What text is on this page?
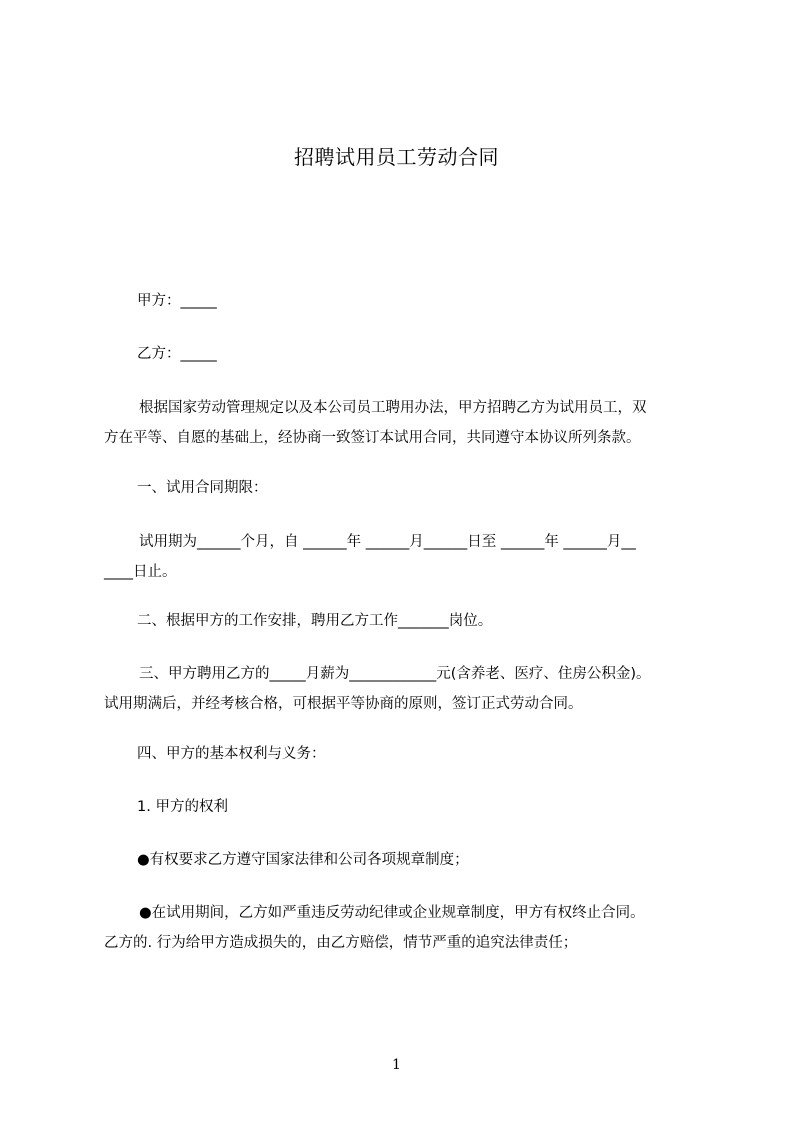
招聘试用员工劳动合同
甲方：_____
乙方：_____
根据国家劳动管理规定以及本公司员工聘用办法，甲方招聘乙方为试用员工，双
方在平等、自愿的基础上，经协商一致签订本试用合同，共同遵守本协议所列条款。
一、试用合同期限：
试用期为______个月，自 ______年 ______月______日至 ______年 ______月__
____日止。
二、根据甲方的工作安排，聘用乙方工作_______岗位。
三、甲方聘用乙方的_____月薪为____________元(含养老、医疗、住房公积金)。
试用期满后，并经考核合格，可根据平等协商的原则，签订正式劳动合同。
四、甲方的基本权利与义务：
1. 甲方的权利
●有权要求乙方遵守国家法律和公司各项规章制度；
●在试用期间，乙方如严重违反劳动纪律或企业规章制度，甲方有权终止合同。
乙方的. 行为给甲方造成损失的，由乙方赔偿，情节严重的追究法律责任；
1
